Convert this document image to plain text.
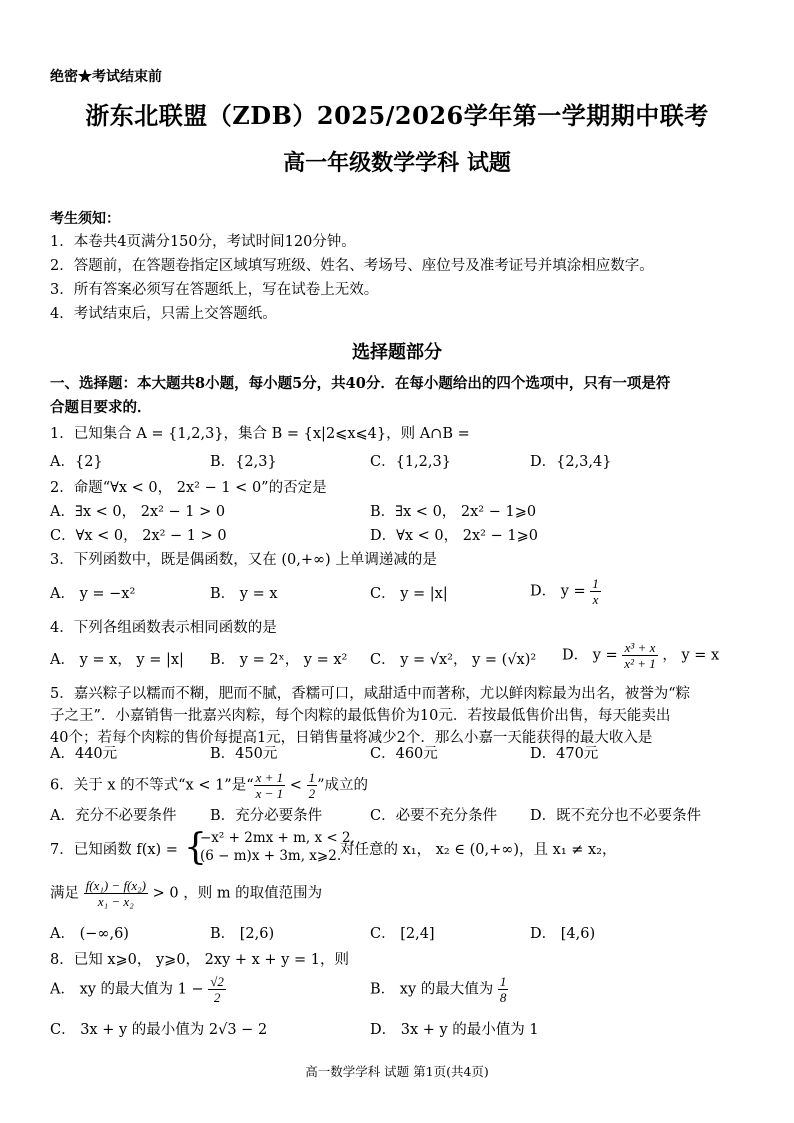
绝密★考试结束前
浙东北联盟（ZDB）2025/2026学年第一学期期中联考
高一年级数学学科 试题
考生须知：
1．本卷共4页满分150分，考试时间120分钟。
2．答题前，在答题卷指定区域填写班级、姓名、考场号、座位号及准考证号并填涂相应数字。
3．所有答案必须写在答题纸上，写在试卷上无效。
4．考试结束后，只需上交答题纸。
选择题部分
一、选择题：本大题共8小题，每小题5分，共40分．在每小题给出的四个选项中，只有一项是符
合题目要求的．
1．已知集合 A = {1,2,3}，集合 B = {x|2⩽x⩽4}，则 A∩B =
A．{2}	B．{2,3}	C．{1,2,3}	D．{2,3,4}
2．命题“∀x < 0， 2x² − 1 < 0”的否定是
A．∃x < 0， 2x² − 1 > 0	B．∃x < 0， 2x² − 1⩾0
C．∀x < 0， 2x² − 1 > 0	D．∀x < 0， 2x² − 1⩾0
3．下列函数中，既是偶函数，又在 (0,+∞) 上单调递减的是
A． y = −x²	B． y = x	C． y = |x|	D． $y = \frac{1}{x}$
4．下列各组函数表示相同函数的是
A． y = x， y = |x| B． y = 2ˣ， y = x² C． y = √x²， y = (√x)² D． $y = \frac{\text{x³ + x}}{\text{x² + 1}}$ ， y = x
5．嘉兴粽子以糯而不糊，肥而不腻，香糯可口，咸甜适中而著称，尤以鲜肉粽最为出名，被誉为“粽
子之王”．小嘉销售一批嘉兴肉粽，每个肉粽的最低售价为10元．若按最低售价出售，每天能卖出
40个；若每个肉粽的售价每提高1元，日销售量将减少2个．那么小嘉一天能获得的最大收入是
A．440元	B．450元	C．460元	D．470元
6．关于 x 的不等式“x < 1”是“ $\frac{x + 1}{x - 1} < \frac{1}{2}$ ”成立的
A．充分不必要条件 B．充分必要条件	C．必要不充分条件 D．既不充分也不必要条件
7．已知函数 f(x) = {
−x² + 2mx + m, x < 2,
(6 − m)x + 3m, x⩾2.
对任意的 x₁， x₂ ∈ (0,+∞)，且 x₁ ≠ x₂，
满足 $\frac{\text{f(x₁) − f(x₂)}}{\text{x₁ − x₂}} > 0$ ，则 m 的取值范围为
A． (−∞,6)	B． [2,6)	C． [2,4]	D． [4,6)
8．已知 x⩾0， y⩾0， 2xy + x + y = 1，则
A． xy 的最大值为 $1 - \frac{√2}{2}$	B． xy 的最大值为 $\frac{1}{8}$
C． 3x + y 的最小值为 2√3 − 2	D． 3x + y 的最小值为 1
高一数学学科 试题 第1页(共4页)
